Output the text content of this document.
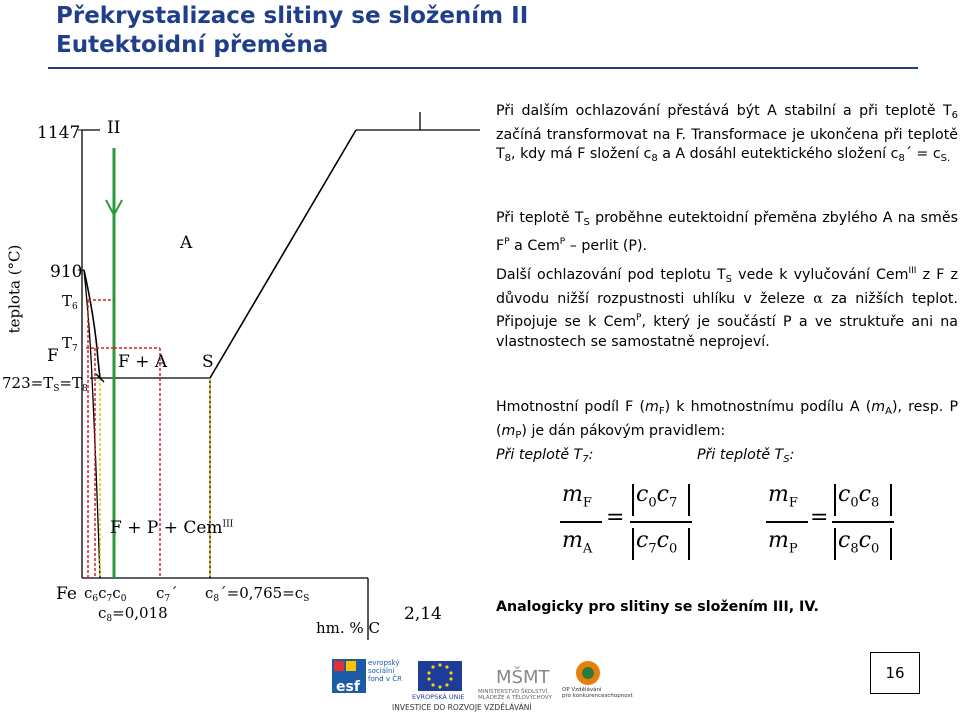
Překrystalizace slitiny se složením II
Eutektoidní přeměna
teplota (°C)
1147 II
A
910
$T_6$
$T_7$
F
$723=T_S=T_8$
F + A S
F + P + Cem$^{III}$
Fe $c_6c_7c_0$ $c_7´$ $c_8´=0,765=c_S$
$c_8=0,018$	2,14
hm. % C

Při dalším ochlazování přestává být A stabilní a při teplotě $T_6$ začíná transformovat na F. Transformace je ukončena při teplotě $T_8$, kdy má F složení $c_8$ a A dosáhl eutektického složení $c_8´ = c_{S.}$

Při teplotě $T_S$ proběhne eutektoidní přeměna zbylého A na směs $F^P$ a Cem$^P$ – perlit (P).

Další ochlazování pod teplotu $T_S$ vede k vylučování Cem$^{III}$ z F z důvodu nižší rozpustnosti uhlíku v železe α za nižších teplot. Připojuje se k Cem$^P$, který je součástí P a ve struktuře ani na vlastnostech se samostatně neprojeví.

Hmotnostní podíl F $(m_F)$ k hmotnostnímu podílu A $(m_A)$, resp. P $(m_P)$ je dán pákovým pravidlem:

Při teplotě $T_7$:	Při teplotě $T_S$:
$m_F$
$m_A$
=
$c_0c_7$
$c_7c_0$
$m_F$
$m_P$
=
$c_0c_8$
$c_8c_0$
Analogicky pro slitiny se složením III, IV.
esf	MŠMT
evropský
sociální
fond v ČR
EVROPSKÁ UNIE
MINISTERSTVO ŠKOLSTVÍ,
MLÁDEŽE A TĚLOVÝCHOVY
OP Vzdělávání
pro konkurenceschopnost
INVESTICE DO ROZVOJE VZDĚLÁVÁNÍ
16
